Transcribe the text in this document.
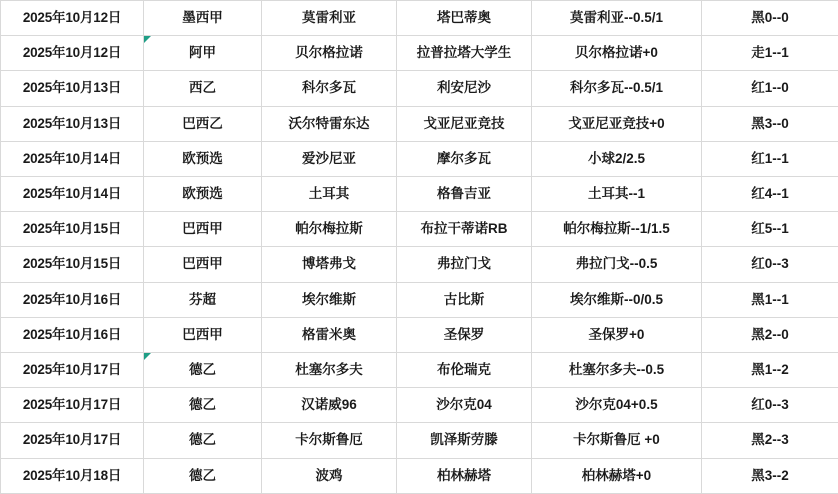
2025年10月12日	墨西甲	莫雷利亚	塔巴蒂奥	莫雷利亚--0.5/1	黑0--0
2025年10月12日	阿甲	贝尔格拉诺	拉普拉塔大学生	贝尔格拉诺+0	走1--1
2025年10月13日	西乙	科尔多瓦	利安尼沙	科尔多瓦--0.5/1	红1--0
2025年10月13日	巴西乙	沃尔特雷东达	戈亚尼亚竞技	戈亚尼亚竞技+0	黑3--0
2025年10月14日	欧预选	爱沙尼亚	摩尔多瓦	小球2/2.5	红1--1
2025年10月14日	欧预选	土耳其	格鲁吉亚	土耳其--1	红4--1
2025年10月15日	巴西甲	帕尔梅拉斯	布拉干蒂诺RB	帕尔梅拉斯--1/1.5	红5--1
2025年10月15日	巴西甲	博塔弗戈	弗拉门戈	弗拉门戈--0.5	红0--3
2025年10月16日	芬超	埃尔维斯	古比斯	埃尔维斯--0/0.5	黑1--1
2025年10月16日	巴西甲	格雷米奥	圣保罗	圣保罗+0	黑2--0
2025年10月17日	德乙	杜塞尔多夫	布伦瑞克	杜塞尔多夫--0.5	黑1--2
2025年10月17日	德乙	汉诺威96	沙尔克04	沙尔克04+0.5	红0--3
2025年10月17日	德乙	卡尔斯鲁厄	凯泽斯劳滕	卡尔斯鲁厄 +0	黑2--3
2025年10月18日	德乙	波鸡	柏林赫塔	柏林赫塔+0	黑3--2
